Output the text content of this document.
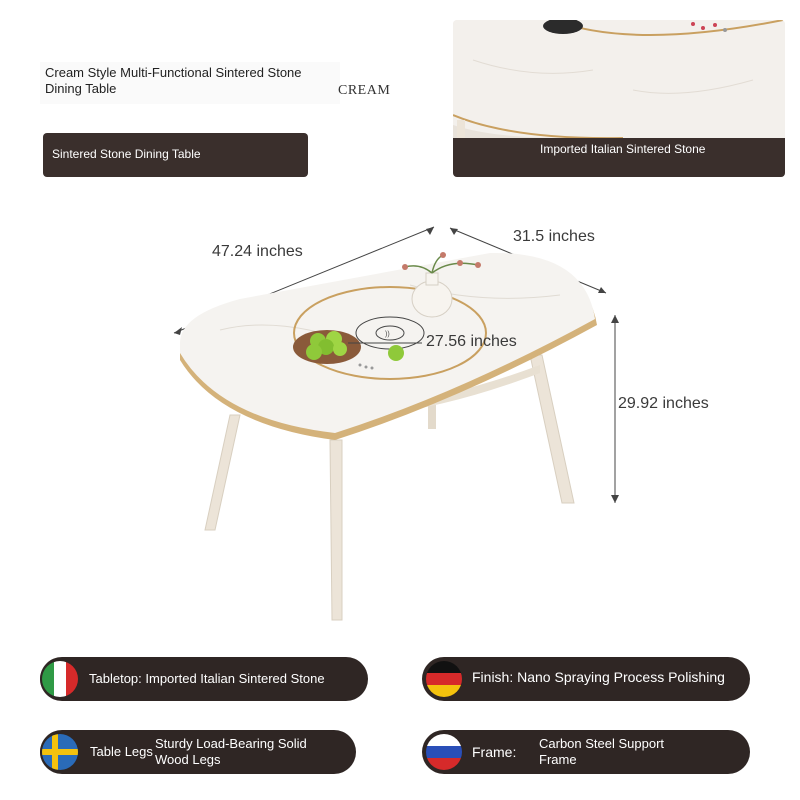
Cream Style Multi-Functional Sintered Stone Dining Table	CREAM
Sintered Stone Dining Table	Imported Italian Sintered Stone
))
47.24 inches
31.5 inches
27.56 inches
29.92 inches
Tabletop: Imported Italian Sintered Stone	Finish: Nano Spraying Process Polishing
Table Legs
Sturdy Load-Bearing Solid Wood Legs	Frame:
Carbon Steel Support Frame
